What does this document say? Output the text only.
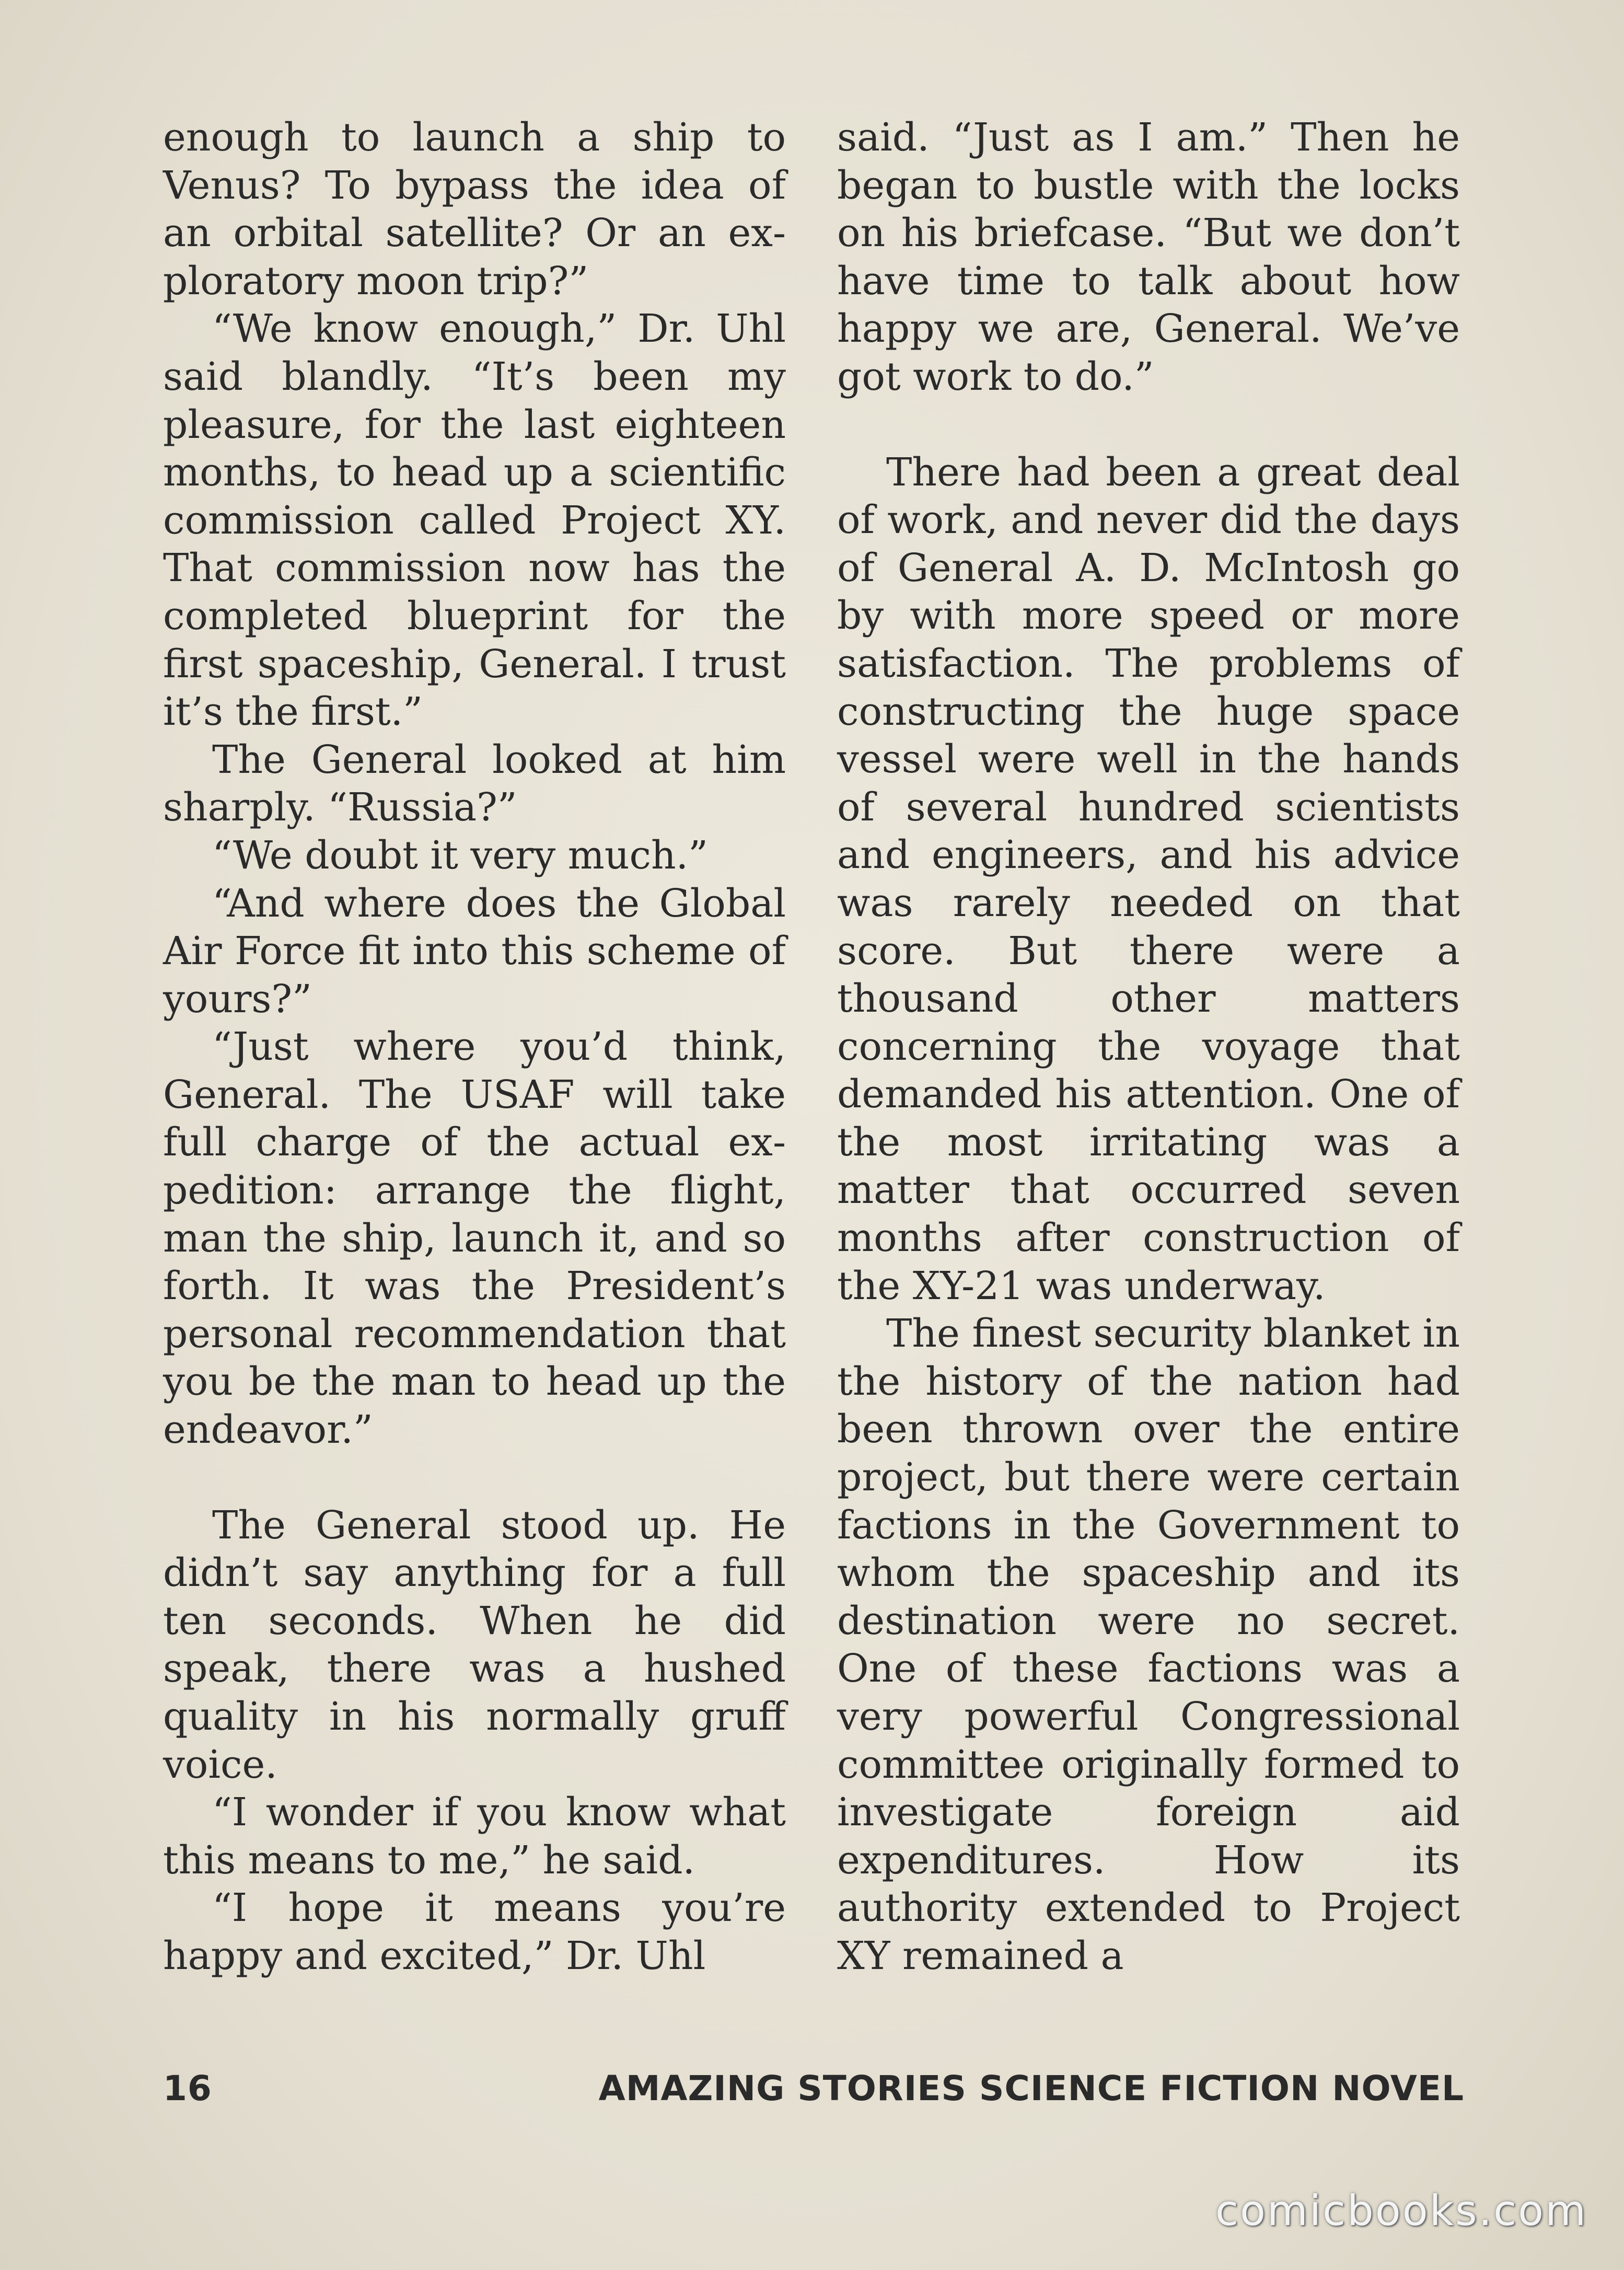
enough to launch a ship to Venus? To bypass the idea of an orbital satellite? Or an exploratory moon trip?”

“We know enough,” Dr. Uhl said blandly. “It’s been my pleasure, for the last eighteen months, to head up a scientific commission called Project XY. That commission now has the completed blueprint for the first spaceship, General. I trust it’s the first.”

The General looked at him sharply. “Russia?”

“We doubt it very much.”

“And where does the Global Air Force fit into this scheme of yours?”

“Just where you’d think, General. The USAF will take full charge of the actual expedition: arrange the flight, man the ship, launch it, and so forth. It was the President’s personal recommendation that you be the man to head up the endeavor.”

The General stood up. He didn’t say anything for a full ten seconds. When he did speak, there was a hushed quality in his normally gruff voice.

“I wonder if you know what this means to me,” he said.

“I hope it means you’re happy and excited,” Dr. Uhl

said. “Just as I am.” Then he began to bustle with the locks on his briefcase. “But we don’t have time to talk about how happy we are, General. We’ve got work to do.”

There had been a great deal of work, and never did the days of General A. D. McIntosh go by with more speed or more satisfaction. The problems of constructing the huge space vessel were well in the hands of several hundred scientists and engineers, and his advice was rarely needed on that score. But there were a thousand other matters concerning the voyage that demanded his attention. One of the most irritating was a matter that occurred seven months after construction of the XY-21 was underway.

The finest security blanket in the history of the nation had been thrown over the entire project, but there were certain factions in the Government to whom the spaceship and its destination were no secret. One of these factions was a very powerful Congressional committee originally formed to investigate foreign aid expenditures. How its authority extended to Project XY remained a

16	AMAZING STORIES SCIENCE FICTION NOVEL
comicbooks.com
